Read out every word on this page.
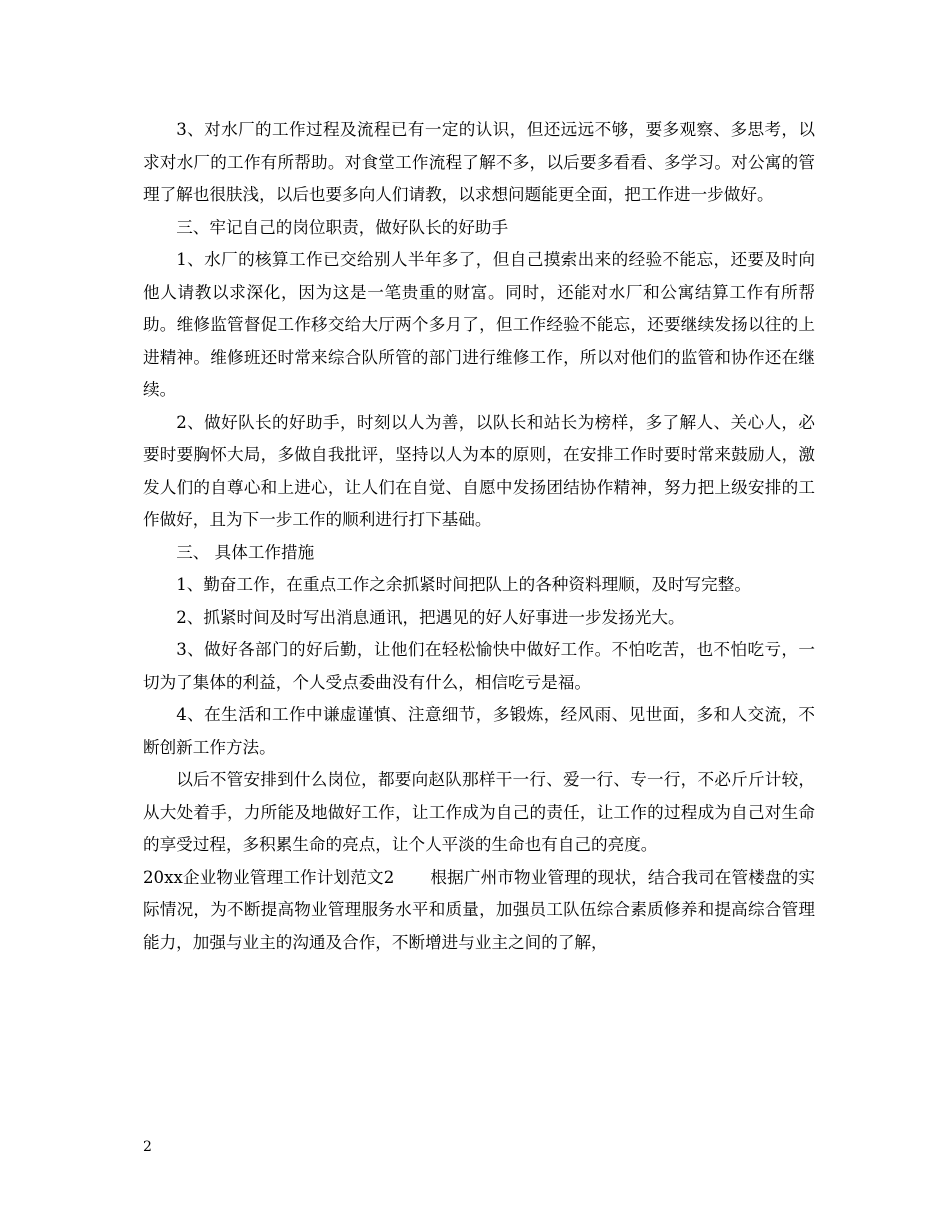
3、对水厂的工作过程及流程已有一定的认识，但还远远不够，要多观察、多思考，以求对水厂的工作有所帮助。对食堂工作流程了解不多，以后要多看看、多学习。对公寓的管理了解也很肤浅，以后也要多向人们请教，以求想问题能更全面，把工作进一步做好。

三、牢记自己的岗位职责，做好队长的好助手

1、水厂的核算工作已交给别人半年多了，但自己摸索出来的经验不能忘，还要及时向他人请教以求深化，因为这是一笔贵重的财富。同时，还能对水厂和公寓结算工作有所帮助。维修监管督促工作移交给大厅两个多月了，但工作经验不能忘，还要继续发扬以往的上进精神。维修班还时常来综合队所管的部门进行维修工作，所以对他们的监管和协作还在继续。

2、做好队长的好助手，时刻以人为善，以队长和站长为榜样，多了解人、关心人，必要时要胸怀大局，多做自我批评，坚持以人为本的原则，在安排工作时要时常来鼓励人，激发人们的自尊心和上进心，让人们在自觉、自愿中发扬团结协作精神，努力把上级安排的工作做好，且为下一步工作的顺利进行打下基础。

三、 具体工作措施

1、勤奋工作，在重点工作之余抓紧时间把队上的各种资料理顺，及时写完整。

2、抓紧时间及时写出消息通讯，把遇见的好人好事进一步发扬光大。

3、做好各部门的好后勤，让他们在轻松愉快中做好工作。不怕吃苦，也不怕吃亏，一切为了集体的利益，个人受点委曲没有什么，相信吃亏是福。

4、在生活和工作中谦虚谨慎、注意细节，多锻炼，经风雨、见世面，多和人交流，不断创新工作方法。

以后不管安排到什么岗位，都要向赵队那样干一行、爱一行、专一行，不必斤斤计较，从大处着手，力所能及地做好工作，让工作成为自己的责任，让工作的过程成为自己对生命的享受过程，多积累生命的亮点，让个人平淡的生命也有自己的亮度。

20xx企业物业管理工作计划范文2 根据广州市物业管理的现状，结合我司在管楼盘的实际情况，为不断提高物业管理服务水平和质量，加强员工队伍综合素质修养和提高综合管理能力，加强与业主的沟通及合作，不断增进与业主之间的了解，

2
